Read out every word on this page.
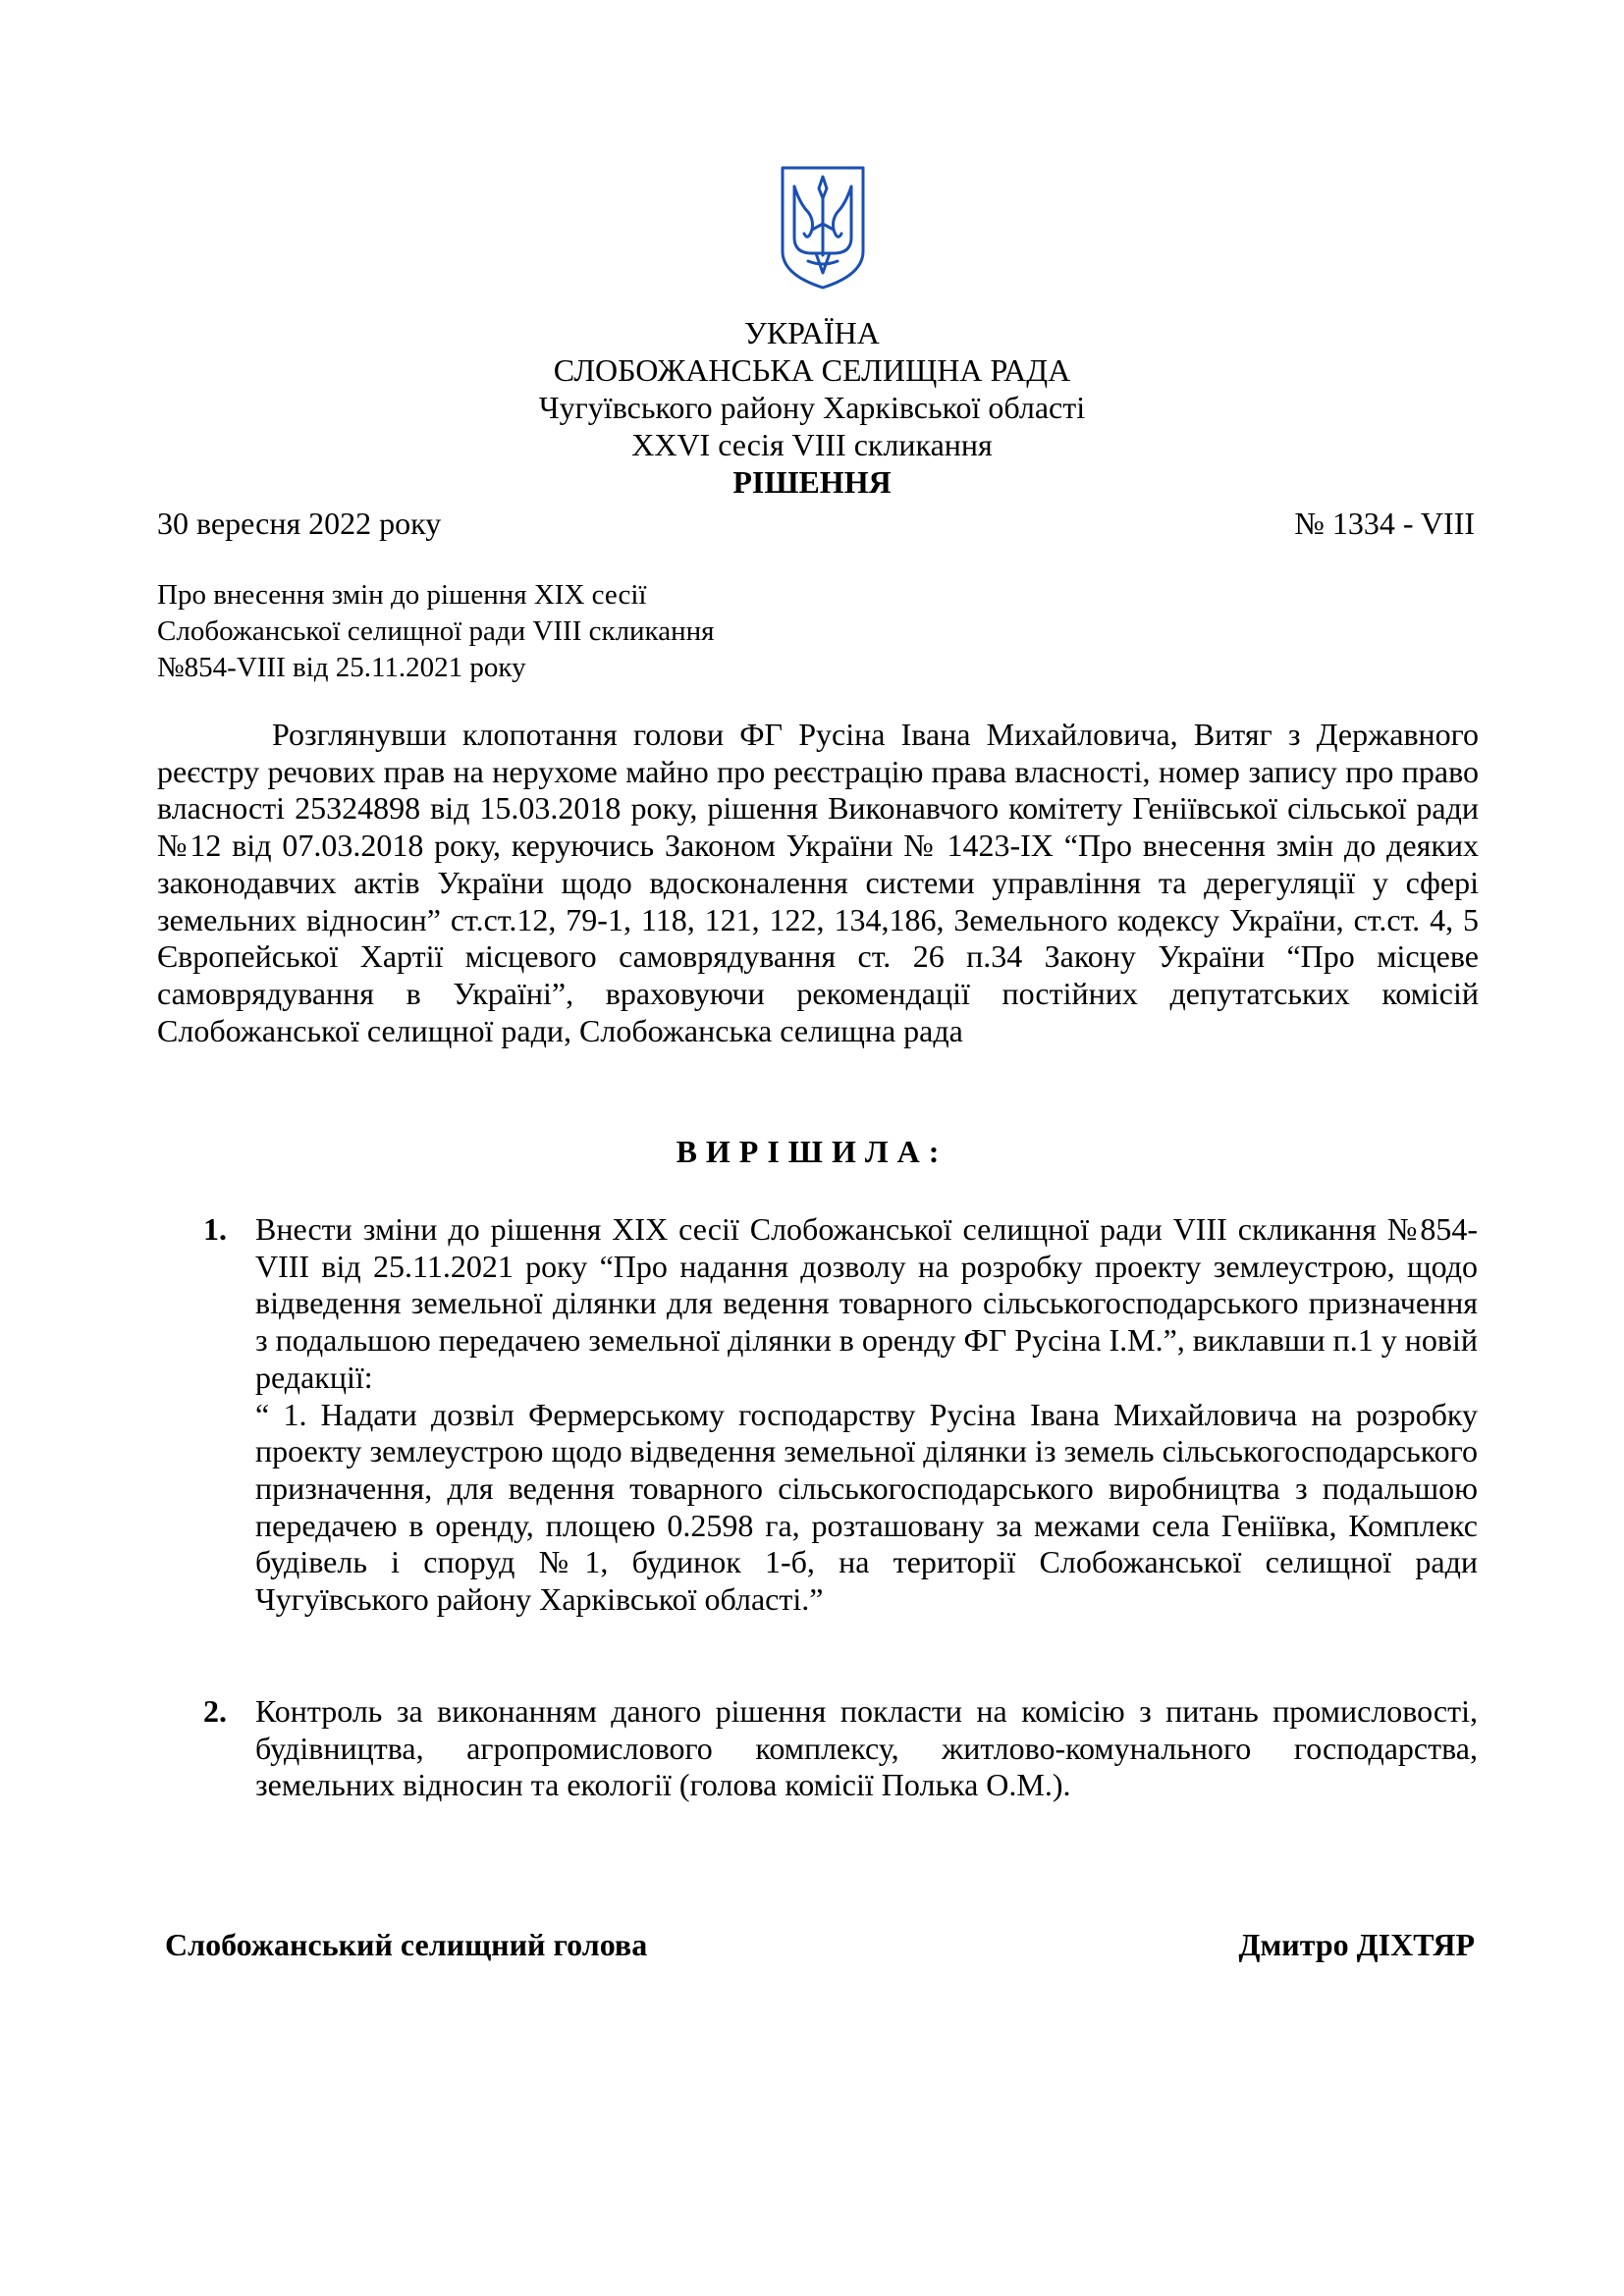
УКРАЇНА
СЛОБОЖАНСЬКА СЕЛИЩНА РАДА
Чугуївського району Харківської області
XXVI сесія VIII скликання
РІШЕННЯ
30 вересня 2022 року	№ 1334 - VIII
Про внесення змін до рішення XIX сесії
Слобожанської селищної ради VIII скликання
№854-VIII від 25.11.2021 року

Розглянувши клопотання голови ФГ Русіна Івана Михайловича, Витяг з Державного реєстру речових прав на нерухоме майно про реєстрацію права власності, номер запису про право власності 25324898 від 15.03.2018 року, рішення Виконавчого комітету Генiївської сільської ради №12 від 07.03.2018 року, керуючись Законом України № 1423-IX “Про внесення змін до деяких законодавчих актів України щодо вдосконалення системи управління та дерегуляції у сфері земельних відносин” ст.ст.12, 79-1, 118, 121, 122, 134,186, Земельного кодексу України, ст.ст. 4, 5 Європейської Хартії місцевого самоврядування ст. 26 п.34 Закону України “Про місцеве самоврядування в Україні”, враховуючи рекомендації постійних депутатських комісій Слобожанської селищної ради, Слобожанська селищна рада

ВИРІШИЛА:
1. Внести зміни до рішення XIX сесії Слобожанської селищної ради VIII скликання №854-VIII від 25.11.2021 року “Про надання дозволу на розробку проекту землеустрою, щодо відведення земельної ділянки для ведення товарного сільськогосподарського призначення з подальшою передачею земельної ділянки в оренду ФГ Русіна І.М.”, виклавши п.1 у новій редакції:

“ 1. Надати дозвіл Фермерському господарству Русіна Івана Михайловича на розробку проекту землеустрою щодо відведення земельної ділянки із земель сільськогосподарського призначення, для ведення товарного сільськогосподарського виробництва з подальшою передачею в оренду, площею 0.2598 га, розташовану за межами села Генiївка, Комплекс будівель і споруд №1, будинок 1-б, на території Слобожанської селищної ради Чугуївського району Харківської області.”

2. Контроль за виконанням даного рішення покласти на комісію з питань промисловості, будівництва, агропромислового комплексу, житлово-комунального господарства, земельних відносин та екології (голова комісії Полька О.М.).

Слобожанський селищний голова	Дмитро ДІХТЯР
